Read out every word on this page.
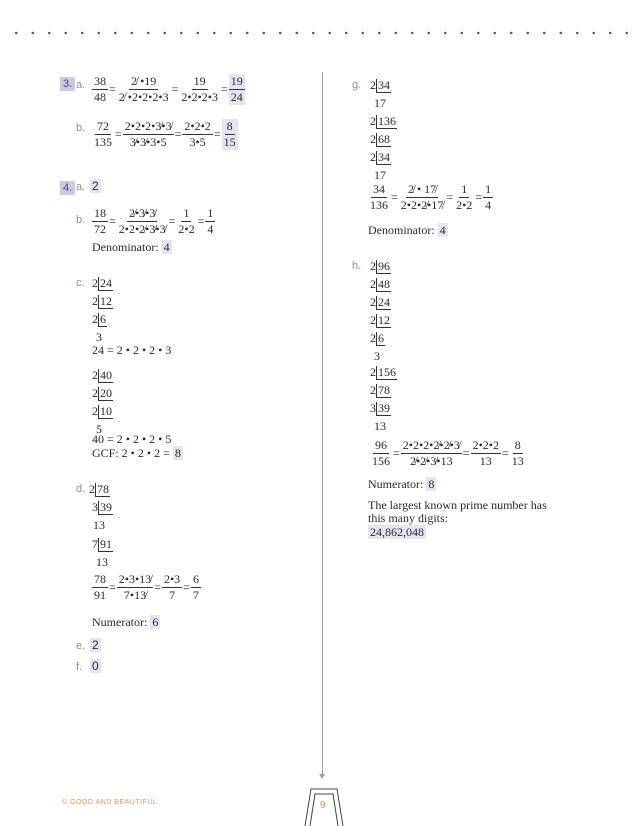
3. a. $\frac{38}{48} = \frac{2̸ •19}{2̸ •2•2•2•3} = \frac{19}{2•2•2•3} = \frac{19}{24}$
b. $\frac{72}{135} = \frac{2•2•2•3̸•3̸}{3̸•3̸•3•5} = \frac{2•2•2}{3•5} = \frac{8}{15}$
4. a. 2
b. $\frac{18}{72} = \frac{2̸•3̸•3̸}{2•2•2̸•3̸•3̸} = \frac{1}{2•2} = \frac{1}{4}$
Denominator: 4
c. 2 24
2 12
2 6
3
24 = 2 • 2 • 2 • 3
2 40
2 20
2 10
5
40 = 2 • 2 • 2 • 5
GCF: 2 • 2 • 2 = 8
d. 2 78
3 39
13
7 91
13
$\frac{78}{91} = \frac{2•3•13̸}{7•13̸} = \frac{2•3}{7} = \frac{6}{7}$
Numerator: 6
e. 2
f. 0
g. 2 34
17
2 136
2 68
2 34
17
$\frac{34}{136} = \frac{2̸ • 17̸}{2•2•2̸•17̸} = \frac{1}{2•2} = \frac{1}{4}$
Denominator: 4
h. 2 96
2 48
2 24
2 12
2 6
3
2 156
2 78
3 39
13
$\frac{96}{156} = \frac{2•2•2•2̸•2̸•3̸}{2̸•2̸•3̸•13} = \frac{2•2•2}{13} = \frac{8}{13}$
Numerator: 8
The largest known prime number has
this many digits:
24,862,048
© GOOD AND BEAUTIFUL	9
